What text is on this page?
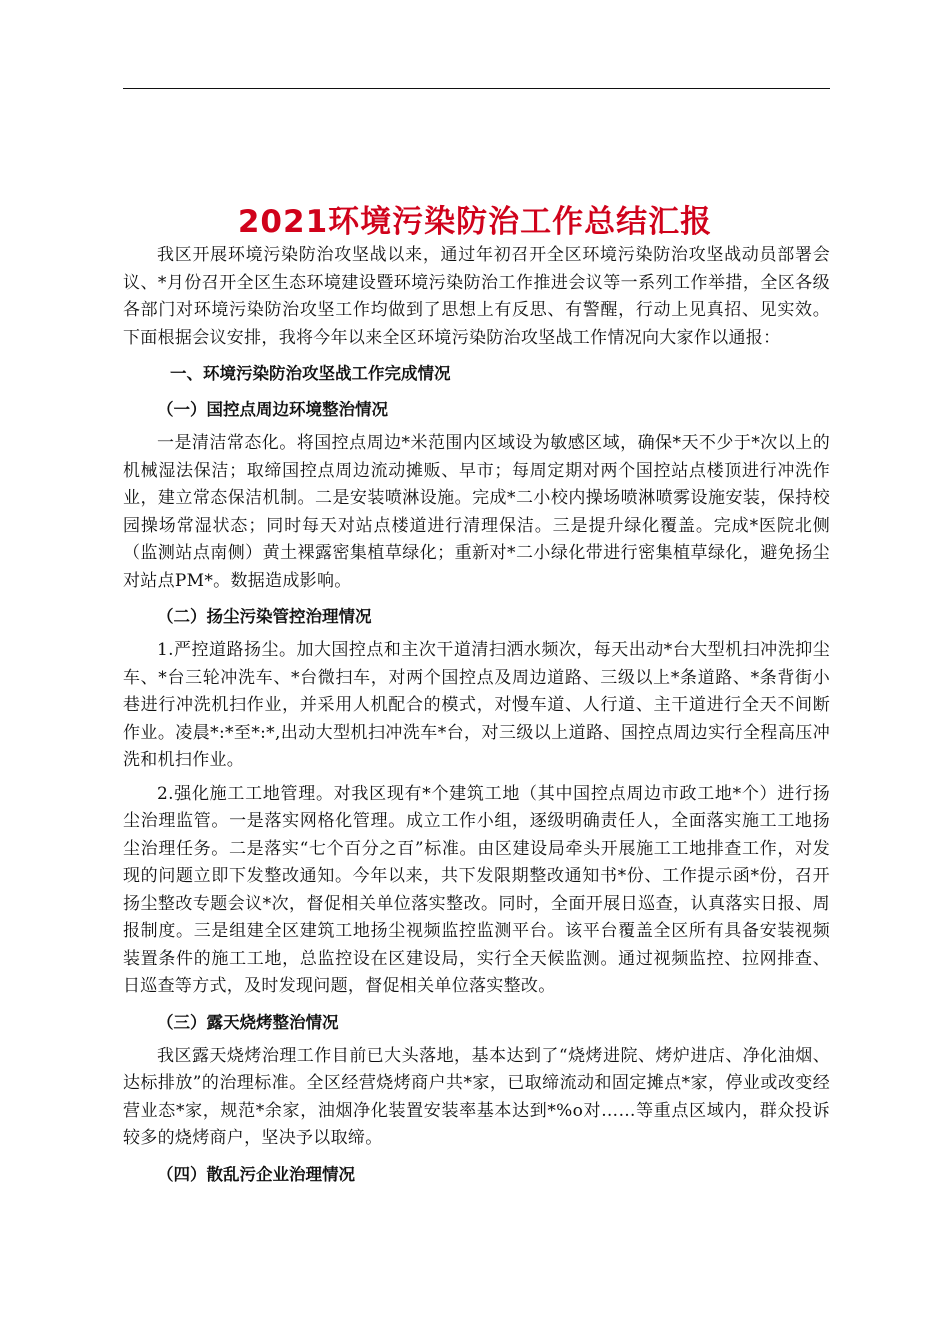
2021环境污染防治工作总结汇报

我区开展环境污染防治攻坚战以来，通过年初召开全区环境污染防治攻坚战动员部署会议、*月份召开全区生态环境建设暨环境污染防治工作推进会议等一系列工作举措，全区各级各部门对环境污染防治攻坚工作均做到了思想上有反思、有警醒，行动上见真招、见实效。下面根据会议安排，我将今年以来全区环境污染防治攻坚战工作情况向大家作以通报：

一、环境污染防治攻坚战工作完成情况
（一）国控点周边环境整治情况

一是清洁常态化。将国控点周边*米范围内区域设为敏感区域，确保*天不少于*次以上的机械湿法保洁；取缔国控点周边流动摊贩、早市；每周定期对两个国控站点楼顶进行冲洗作业，建立常态保洁机制。二是安装喷淋设施。完成*二小校内操场喷淋喷雾设施安装，保持校园操场常湿状态；同时每天对站点楼道进行清理保洁。三是提升绿化覆盖。完成*医院北侧（监测站点南侧）黄土裸露密集植草绿化；重新对*二小绿化带进行密集植草绿化，避免扬尘对站点PM*。数据造成影响。

（二）扬尘污染管控治理情况

1.严控道路扬尘。加大国控点和主次干道清扫洒水频次，每天出动*台大型机扫冲洗抑尘车、*台三轮冲洗车、*台微扫车，对两个国控点及周边道路、三级以上*条道路、*条背街小巷进行冲洗机扫作业，并采用人机配合的模式，对慢车道、人行道、主干道进行全天不间断作业。凌晨*:*至*:*,出动大型机扫冲洗车*台，对三级以上道路、国控点周边实行全程高压冲洗和机扫作业。

2.强化施工工地管理。对我区现有*个建筑工地（其中国控点周边市政工地*个）进行扬尘治理监管。一是落实网格化管理。成立工作小组，逐级明确责任人，全面落实施工工地扬尘治理任务。二是落实“七个百分之百”标准。由区建设局牵头开展施工工地排查工作，对发现的问题立即下发整改通知。今年以来，共下发限期整改通知书*份、工作提示函*份，召开扬尘整改专题会议*次，督促相关单位落实整改。同时，全面开展日巡查，认真落实日报、周报制度。三是组建全区建筑工地扬尘视频监控监测平台。该平台覆盖全区所有具备安装视频装置条件的施工工地，总监控设在区建设局，实行全天候监测。通过视频监控、拉网排查、日巡查等方式，及时发现问题，督促相关单位落实整改。

（三）露天烧烤整治情况

我区露天烧烤治理工作目前已大头落地，基本达到了“烧烤进院、烤炉进店、净化油烟、达标排放”的治理标准。全区经营烧烤商户共*家，已取缔流动和固定摊点*家，停业或改变经营业态*家，规范*余家，油烟净化装置安装率基本达到*%o对……等重点区域内，群众投诉较多的烧烤商户，坚决予以取缔。

（四）散乱污企业治理情况
